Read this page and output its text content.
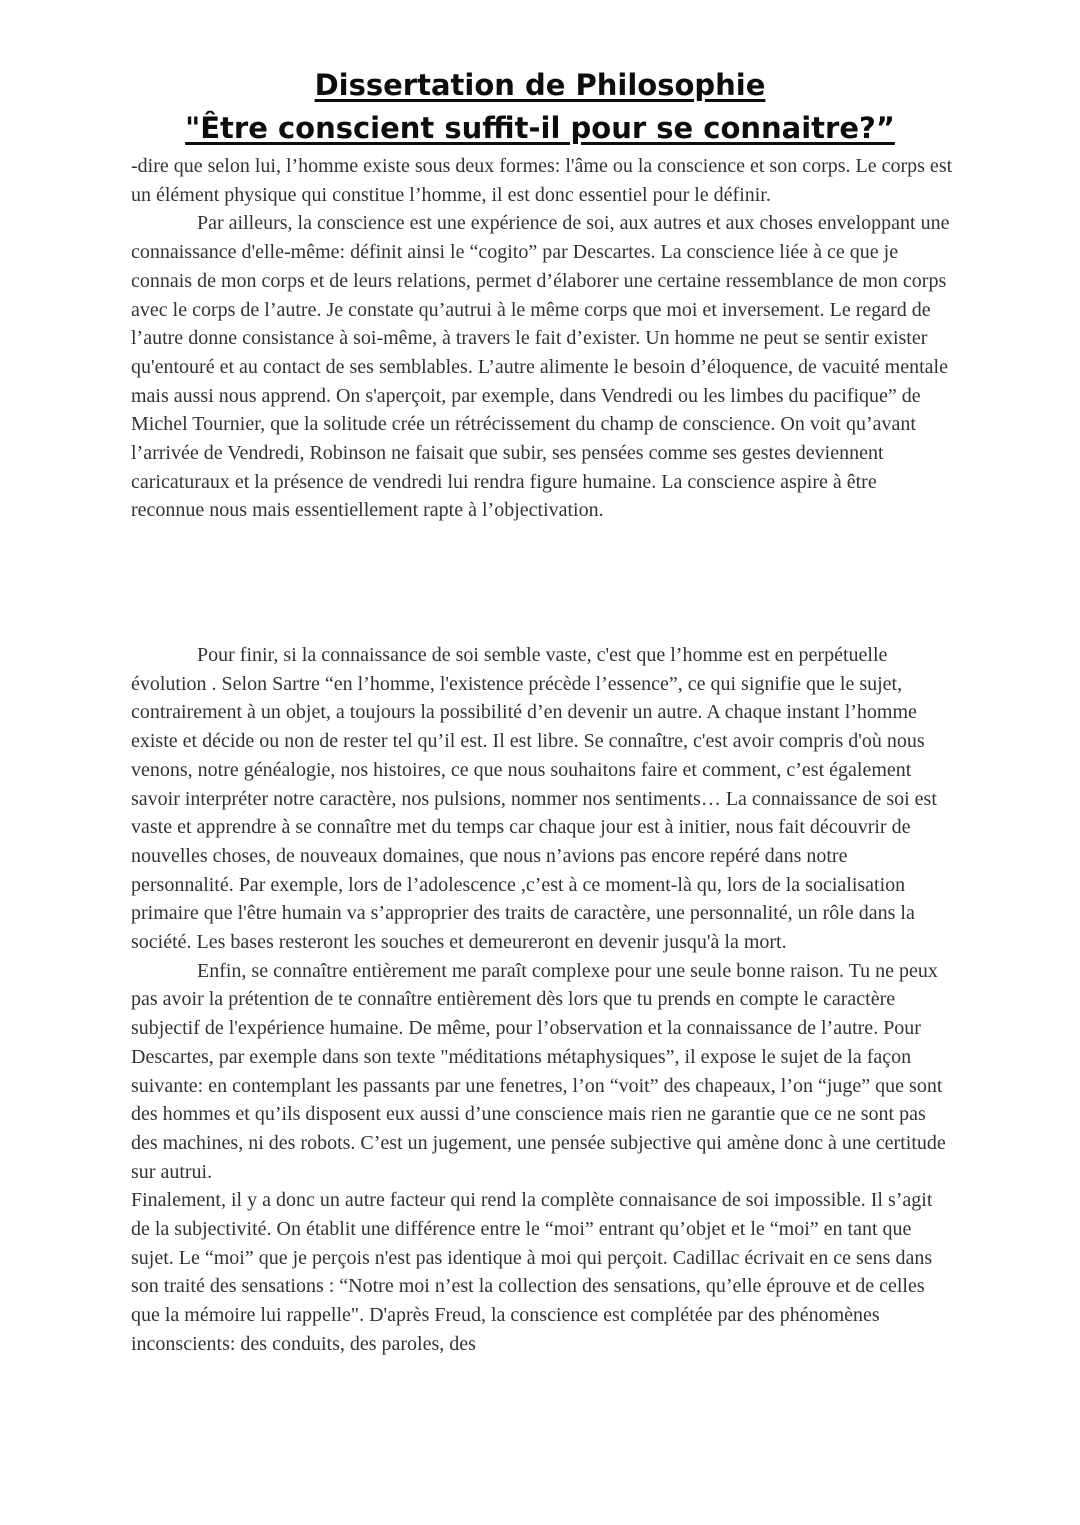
Dissertation de Philosophie
"Être conscient suffit-il pour se connaitre?”

-dire que selon lui, l’homme existe sous deux formes: l'âme ou la conscience et son corps. Le corps est un élément physique qui constitue l’homme, il est donc essentiel pour le définir.

Par ailleurs, la conscience est une expérience de soi, aux autres et aux choses enveloppant une connaissance d'elle-même: définit ainsi le “cogito” par Descartes. La conscience liée à ce que je connais de mon corps et de leurs relations, permet d’élaborer une certaine ressemblance de mon corps avec le corps de l’autre. Je constate qu’autrui à le même corps que moi et inversement. Le regard de l’autre donne consistance à soi-même, à travers le fait d’exister. Un homme ne peut se sentir exister qu'entouré et au contact de ses semblables. L’autre alimente le besoin d’éloquence, de vacuité mentale mais aussi nous apprend. On s'aperçoit, par exemple, dans Vendredi ou les limbes du pacifique” de Michel Tournier, que la solitude crée un rétrécissement du champ de conscience. On voit qu’avant l’arrivée de Vendredi, Robinson ne faisait que subir, ses pensées comme ses gestes deviennent caricaturaux et la présence de vendredi lui rendra figure humaine. La conscience aspire à être reconnue nous mais essentiellement rapte à l’objectivation.

Pour finir, si la connaissance de soi semble vaste, c'est que l’homme est en perpétuelle évolution . Selon Sartre “en l’homme, l'existence précède l’essence”, ce qui signifie que le sujet, contrairement à un objet, a toujours la possibilité d’en devenir un autre. A chaque instant l’homme existe et décide ou non de rester tel qu’il est. Il est libre. Se connaître, c'est avoir compris d'où nous venons, notre généalogie, nos histoires, ce que nous souhaitons faire et comment, c’est également savoir interpréter notre caractère, nos pulsions, nommer nos sentiments… La connaissance de soi est vaste et apprendre à se connaître met du temps car chaque jour est à initier, nous fait découvrir de nouvelles choses, de nouveaux domaines, que nous n’avions pas encore repéré dans notre personnalité. Par exemple, lors de l’adolescence ,c’est à ce moment-là qu, lors de la socialisation primaire que l'être humain va s’approprier des traits de caractère, une personnalité, un rôle dans la société. Les bases resteront les souches et demeureront en devenir jusqu'à la mort.

Enfin, se connaître entièrement me paraît complexe pour une seule bonne raison. Tu ne peux pas avoir la prétention de te connaître entièrement dès lors que tu prends en compte le caractère subjectif de l'expérience humaine. De même, pour l’observation et la connaissance de l’autre. Pour Descartes, par exemple dans son texte "méditations métaphysiques”, il expose le sujet de la façon suivante: en contemplant les passants par une fenetres, l’on “voit” des chapeaux, l’on “juge” que sont des hommes et qu’ils disposent eux aussi d’une conscience mais rien ne garantie que ce ne sont pas des machines, ni des robots. C’est un jugement, une pensée subjective qui amène donc à une certitude sur autrui.

Finalement, il y a donc un autre facteur qui rend la complète connaisance de soi impossible. Il s’agit de la subjectivité. On établit une différence entre le “moi” entrant qu’objet et le “moi” en tant que sujet. Le “moi” que je perçois n'est pas identique à moi qui perçoit. Cadillac écrivait en ce sens dans son traité des sensations : “Notre moi n’est la collection des sensations, qu’elle éprouve et de celles que la mémoire lui rappelle". D'après Freud, la conscience est complétée par des phénomènes inconscients: des conduits, des paroles, des
